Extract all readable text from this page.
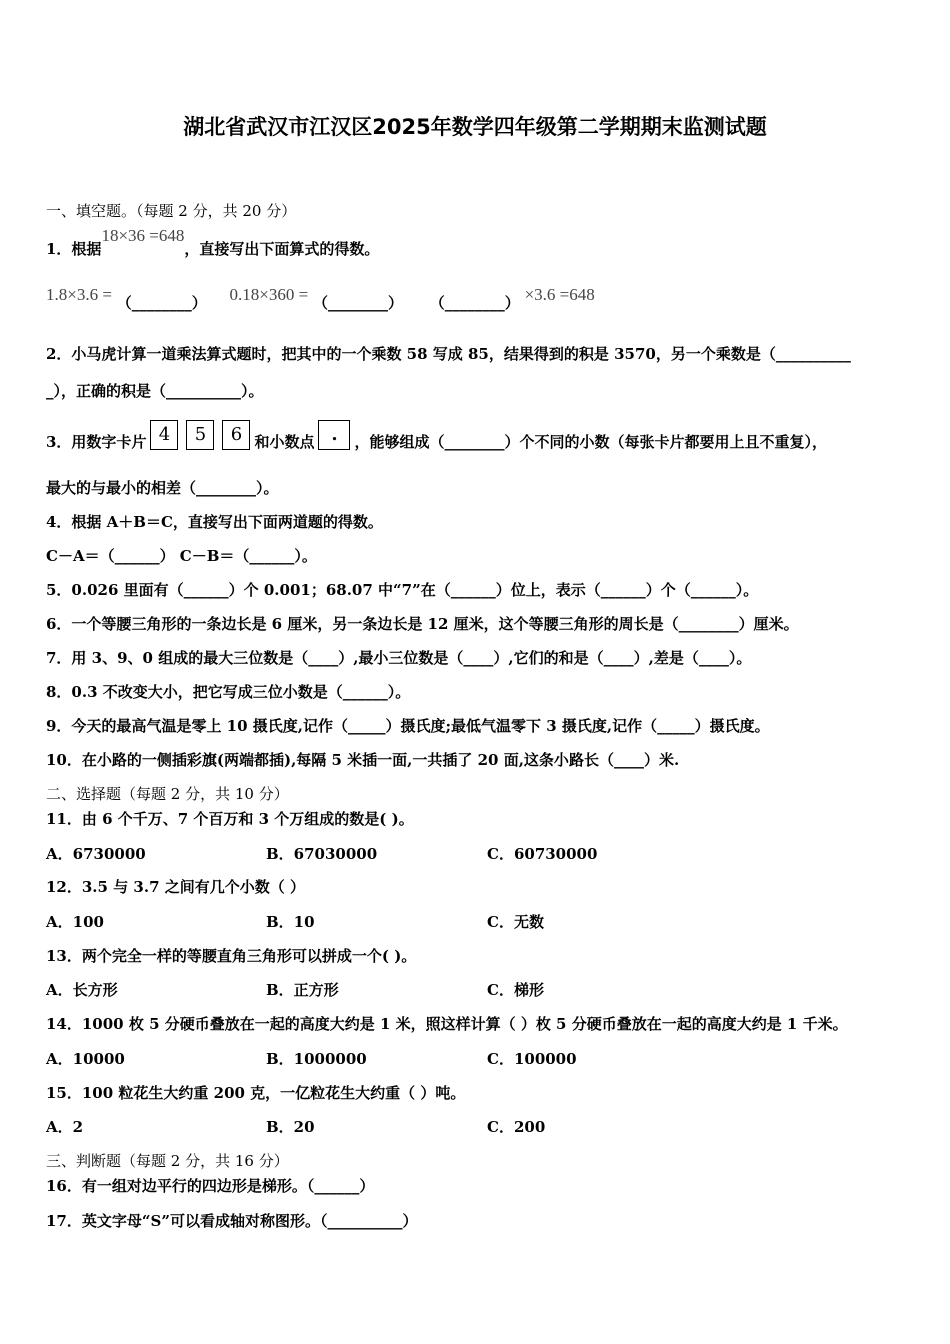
湖北省武汉市江汉区2025年数学四年级第二学期期末监测试题
一、填空题。（每题 2 分，共 20 分）
1．根据18×36 =648，直接写出下面算式的得数。
1.8×3.6 = （________） 0.18×360 = （________） （________） ×3.6 =648
2．小马虎计算一道乘法算式题时，把其中的一个乘数 58 写成 85，结果得到的积是 3570，另一个乘数是（__________
_），正确的积是（__________）。
3．用数字卡片 4 5 6 和小数点 . ，能够组成（________）个不同的小数（每张卡片都要用上且不重复），
最大的与最小的相差（________）。
4．根据 A＋B＝C，直接写出下面两道题的得数。
C－A＝（______） C－B＝（______）。
5．0.026 里面有（______）个 0.001；68.07 中“7”在（______）位上，表示（______）个（______）。
6．一个等腰三角形的一条边长是 6 厘米，另一条边长是 12 厘米，这个等腰三角形的周长是（________）厘米。
7．用 3、9、0 组成的最大三位数是（____）,最小三位数是（____）,它们的和是（____）,差是（____）。
8．0.3 不改变大小，把它写成三位小数是（______）。
9．今天的最高气温是零上 10 摄氏度,记作（_____）摄氏度;最低气温零下 3 摄氏度,记作（_____）摄氏度。
10．在小路的一侧插彩旗(两端都插),每隔 5 米插一面,一共插了 20 面,这条小路长（____）米.
二、选择题（每题 2 分，共 10 分）
11．由 6 个千万、7 个百万和 3 个万组成的数是( )。
A．6730000	B．67030000	C．60730000
12．3.5 与 3.7 之间有几个小数（ ）
A．100	B．10	C．无数
13．两个完全一样的等腰直角三角形可以拼成一个( )。
A．长方形	B．正方形	C．梯形
14．1000 枚 5 分硬币叠放在一起的高度大约是 1 米，照这样计算（ ）枚 5 分硬币叠放在一起的高度大约是 1 千米。
A．10000	B．1000000	C．100000
15．100 粒花生大约重 200 克，一亿粒花生大约重（ ）吨。
A．2	B．20	C．200
三、判断题（每题 2 分，共 16 分）
16．有一组对边平行的四边形是梯形。（______）
17．英文字母“S”可以看成轴对称图形。（__________）
